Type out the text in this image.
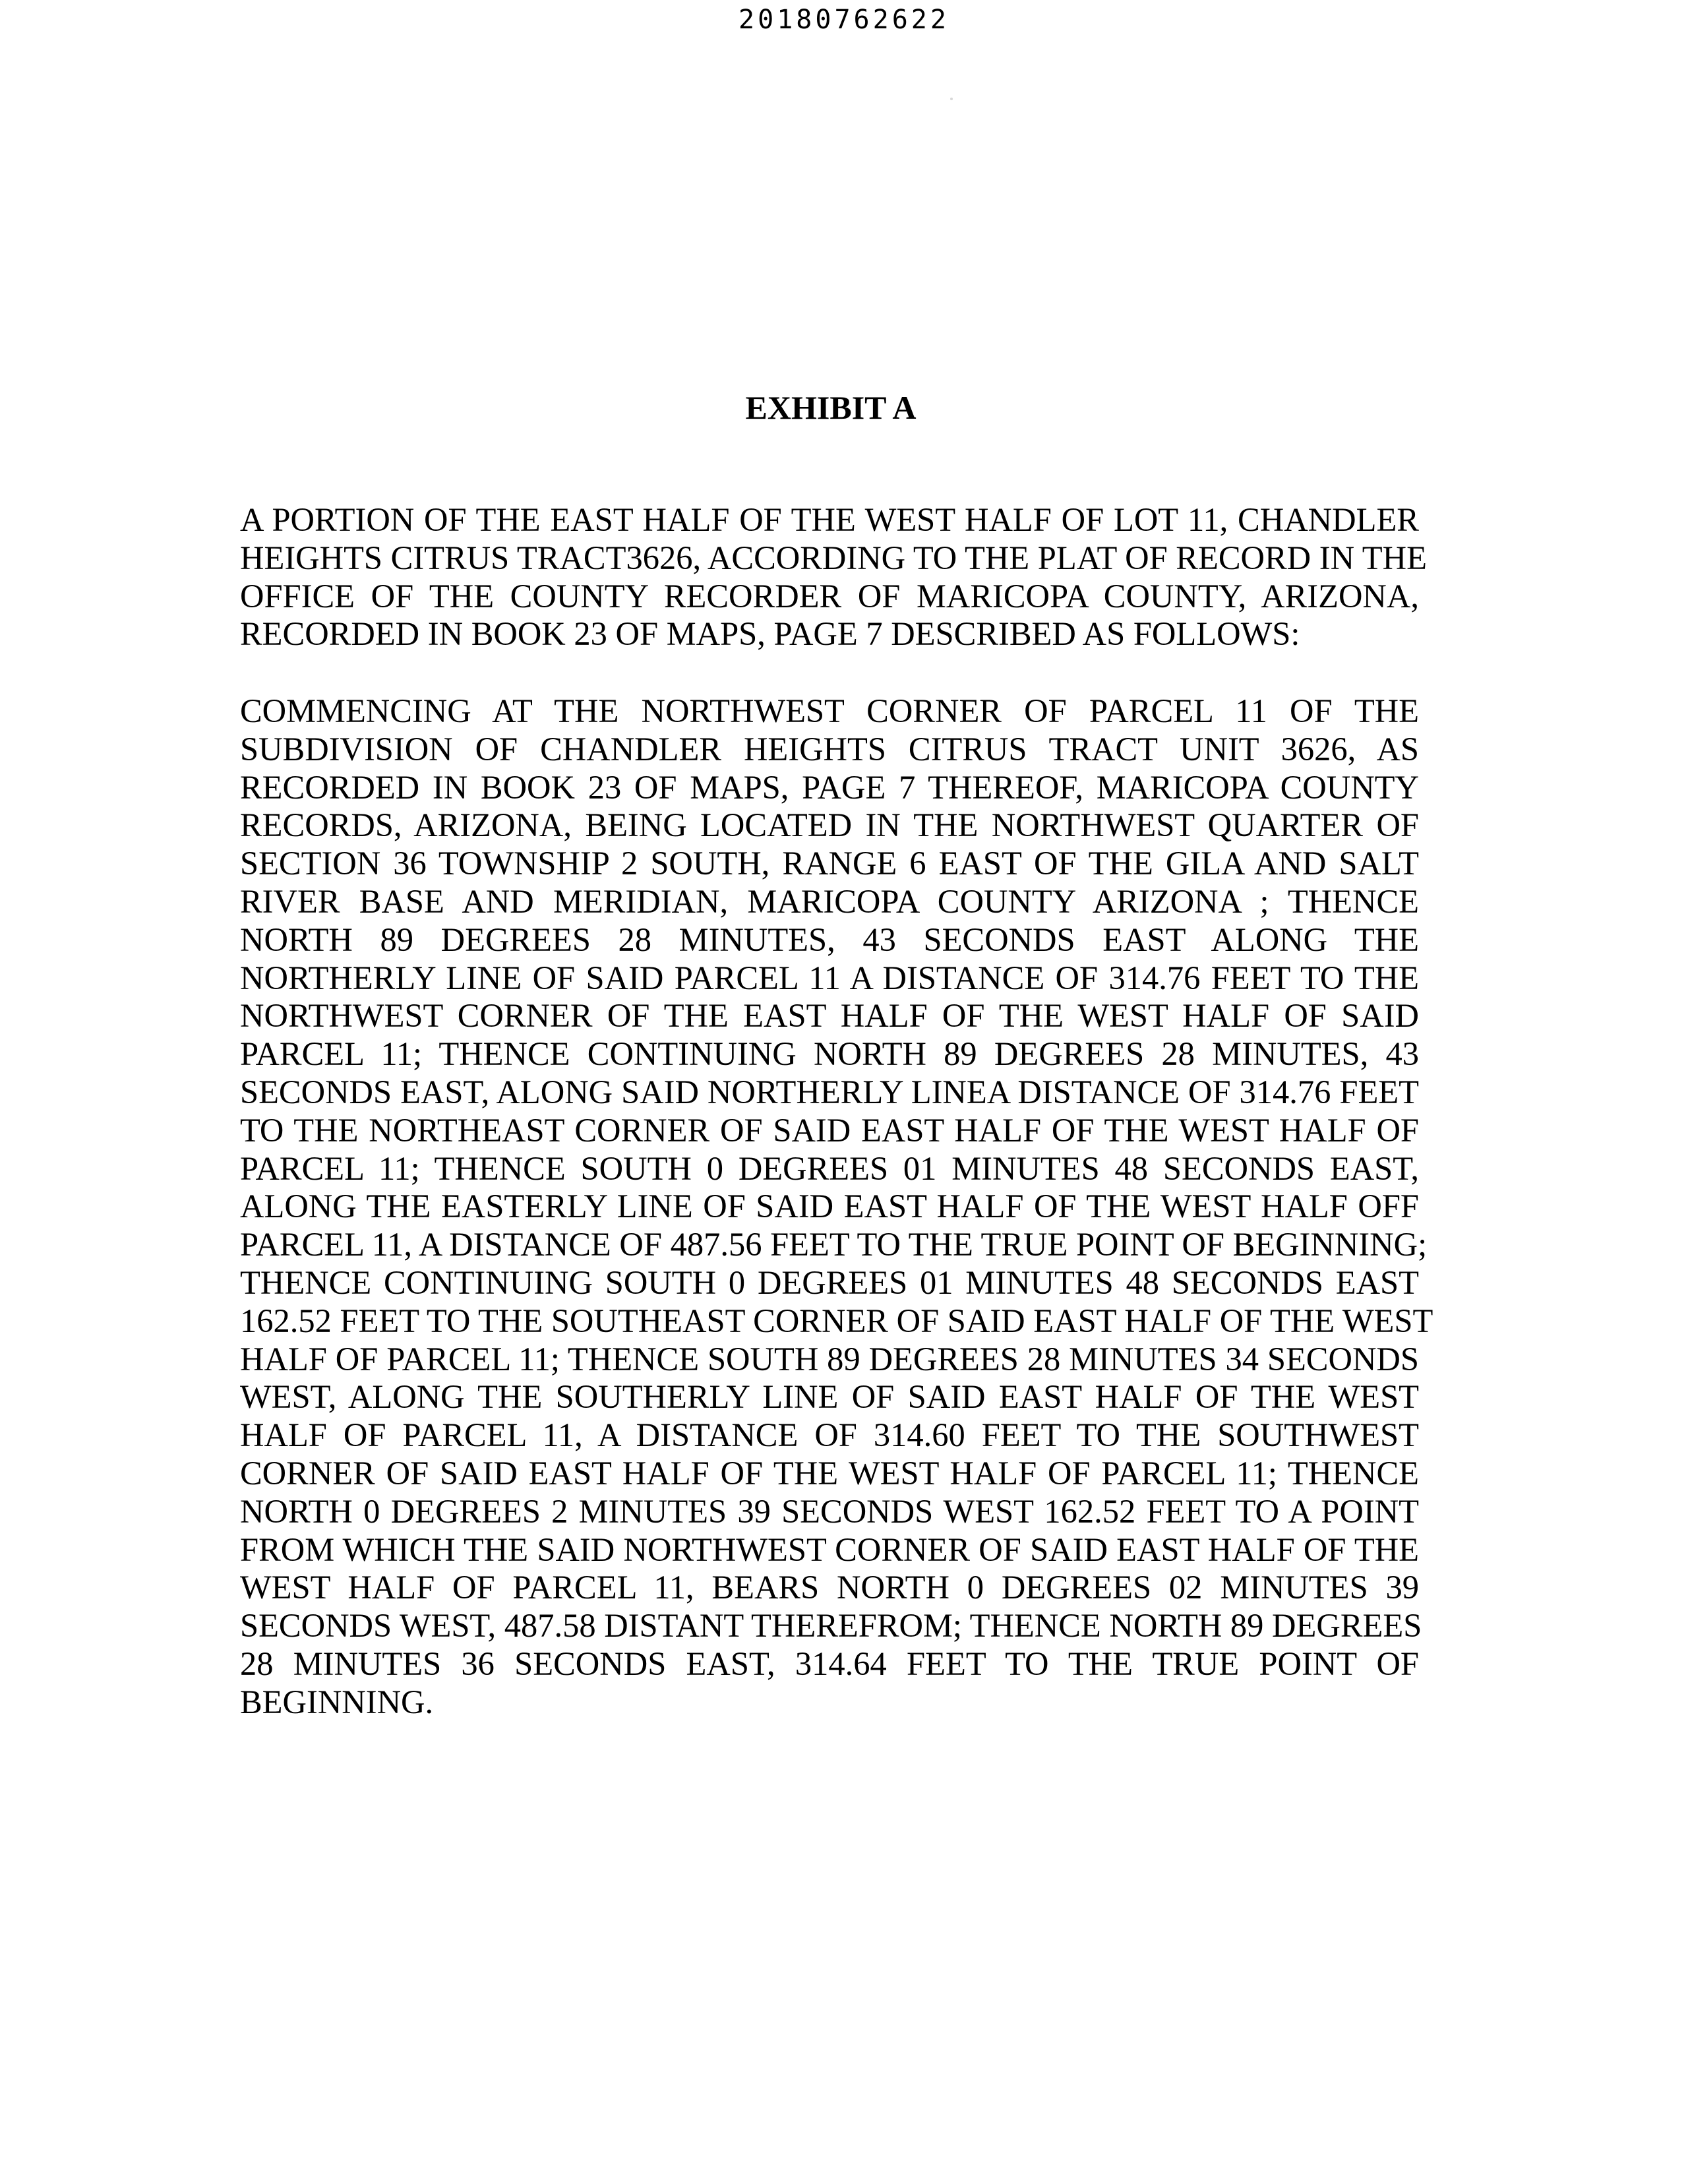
20180762622
EXHIBIT A
A PORTION OF THE EAST HALF OF THE WEST HALF OF LOT 11, CHANDLER
HEIGHTS CITRUS TRACT3626, ACCORDING TO THE PLAT OF RECORD IN THE
OFFICE OF THE COUNTY RECORDER OF MARICOPA COUNTY, ARIZONA,
RECORDED IN BOOK 23 OF MAPS, PAGE 7 DESCRIBED AS FOLLOWS:
COMMENCING AT THE NORTHWEST CORNER OF PARCEL 11 OF THE
SUBDIVISION OF CHANDLER HEIGHTS CITRUS TRACT UNIT 3626, AS
RECORDED IN BOOK 23 OF MAPS, PAGE 7 THEREOF, MARICOPA COUNTY
RECORDS, ARIZONA, BEING LOCATED IN THE NORTHWEST QUARTER OF
SECTION 36 TOWNSHIP 2 SOUTH, RANGE 6 EAST OF THE GILA AND SALT
RIVER BASE AND MERIDIAN, MARICOPA COUNTY ARIZONA ; THENCE
NORTH 89 DEGREES 28 MINUTES, 43 SECONDS EAST ALONG THE
NORTHERLY LINE OF SAID PARCEL 11 A DISTANCE OF 314.76 FEET TO THE
NORTHWEST CORNER OF THE EAST HALF OF THE WEST HALF OF SAID
PARCEL 11; THENCE CONTINUING NORTH 89 DEGREES 28 MINUTES, 43
SECONDS EAST, ALONG SAID NORTHERLY LINEA DISTANCE OF 314.76 FEET
TO THE NORTHEAST CORNER OF SAID EAST HALF OF THE WEST HALF OF
PARCEL 11; THENCE SOUTH 0 DEGREES 01 MINUTES 48 SECONDS EAST,
ALONG THE EASTERLY LINE OF SAID EAST HALF OF THE WEST HALF OFF
PARCEL 11, A DISTANCE OF 487.56 FEET TO THE TRUE POINT OF BEGINNING;
THENCE CONTINUING SOUTH 0 DEGREES 01 MINUTES 48 SECONDS EAST
162.52 FEET TO THE SOUTHEAST CORNER OF SAID EAST HALF OF THE WEST
HALF OF PARCEL 11; THENCE SOUTH 89 DEGREES 28 MINUTES 34 SECONDS
WEST, ALONG THE SOUTHERLY LINE OF SAID EAST HALF OF THE WEST
HALF OF PARCEL 11, A DISTANCE OF 314.60 FEET TO THE SOUTHWEST
CORNER OF SAID EAST HALF OF THE WEST HALF OF PARCEL 11; THENCE
NORTH 0 DEGREES 2 MINUTES 39 SECONDS WEST 162.52 FEET TO A POINT
FROM WHICH THE SAID NORTHWEST CORNER OF SAID EAST HALF OF THE
WEST HALF OF PARCEL 11, BEARS NORTH 0 DEGREES 02 MINUTES 39
SECONDS WEST, 487.58 DISTANT THEREFROM; THENCE NORTH 89 DEGREES
28 MINUTES 36 SECONDS EAST, 314.64 FEET TO THE TRUE POINT OF
BEGINNING.
